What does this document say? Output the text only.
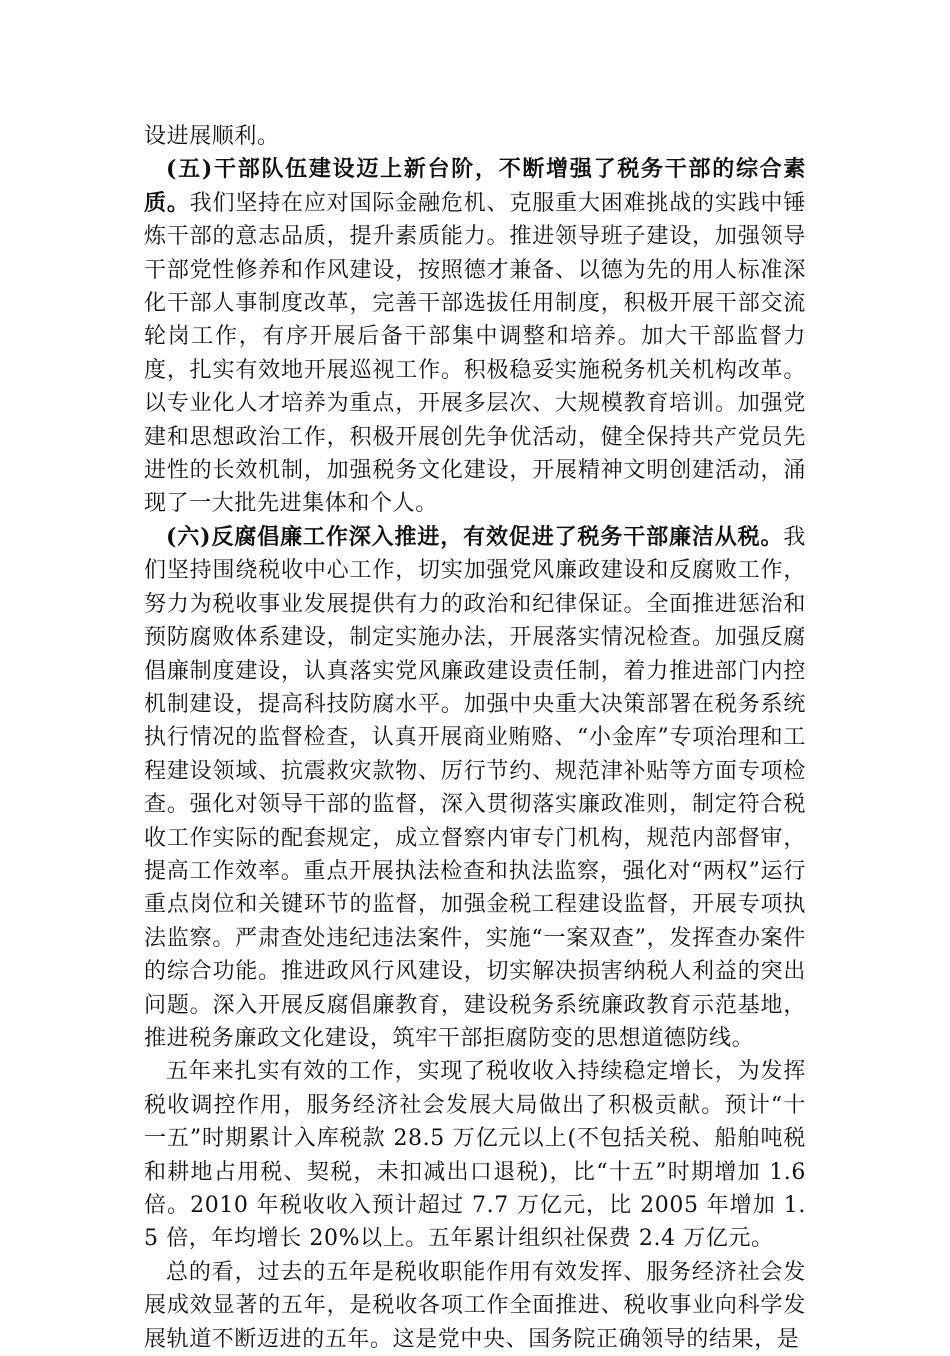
设进展顺利。

(五)干部队伍建设迈上新台阶，不断增强了税务干部的综合素质。我们坚持在应对国际金融危机、克服重大困难挑战的实践中锤炼干部的意志品质，提升素质能力。推进领导班子建设，加强领导干部党性修养和作风建设，按照德才兼备、以德为先的用人标准深化干部人事制度改革，完善干部选拔任用制度，积极开展干部交流轮岗工作，有序开展后备干部集中调整和培养。加大干部监督力度，扎实有效地开展巡视工作。积极稳妥实施税务机关机构改革。以专业化人才培养为重点，开展多层次、大规模教育培训。加强党建和思想政治工作，积极开展创先争优活动，健全保持共产党员先进性的长效机制，加强税务文化建设，开展精神文明创建活动，涌现了一大批先进集体和个人。

(六)反腐倡廉工作深入推进，有效促进了税务干部廉洁从税。我们坚持围绕税收中心工作，切实加强党风廉政建设和反腐败工作，努力为税收事业发展提供有力的政治和纪律保证。全面推进惩治和预防腐败体系建设，制定实施办法，开展落实情况检查。加强反腐倡廉制度建设，认真落实党风廉政建设责任制，着力推进部门内控机制建设，提高科技防腐水平。加强中央重大决策部署在税务系统执行情况的监督检查，认真开展商业贿赂、“小金库”专项治理和工程建设领域、抗震救灾款物、厉行节约、规范津补贴等方面专项检查。强化对领导干部的监督，深入贯彻落实廉政准则，制定符合税收工作实际的配套规定，成立督察内审专门机构，规范内部督审，提高工作效率。重点开展执法检查和执法监察，强化对“两权”运行重点岗位和关键环节的监督，加强金税工程建设监督，开展专项执法监察。严肃查处违纪违法案件，实施“一案双查”，发挥查办案件的综合功能。推进政风行风建设，切实解决损害纳税人利益的突出问题。深入开展反腐倡廉教育，建设税务系统廉政教育示范基地，推进税务廉政文化建设，筑牢干部拒腐防变的思想道德防线。

五年来扎实有效的工作，实现了税收收入持续稳定增长，为发挥税收调控作用，服务经济社会发展大局做出了积极贡献。预计“十一五”时期累计入库税款 28.5 万亿元以上(不包括关税、船舶吨税和耕地占用税、契税，未扣减出口退税)，比“十五”时期增加 1.6 倍。2010 年税收收入预计超过 7.7 万亿元，比 2005 年增加 1.5 倍，年均增长 20%以上。五年累计组织社保费 2.4 万亿元。

总的看，过去的五年是税收职能作用有效发挥、服务经济社会发展成效显著的五年，是税收各项工作全面推进、税收事业向科学发展轨道不断迈进的五年。这是党中央、国务院正确领导的结果，是
